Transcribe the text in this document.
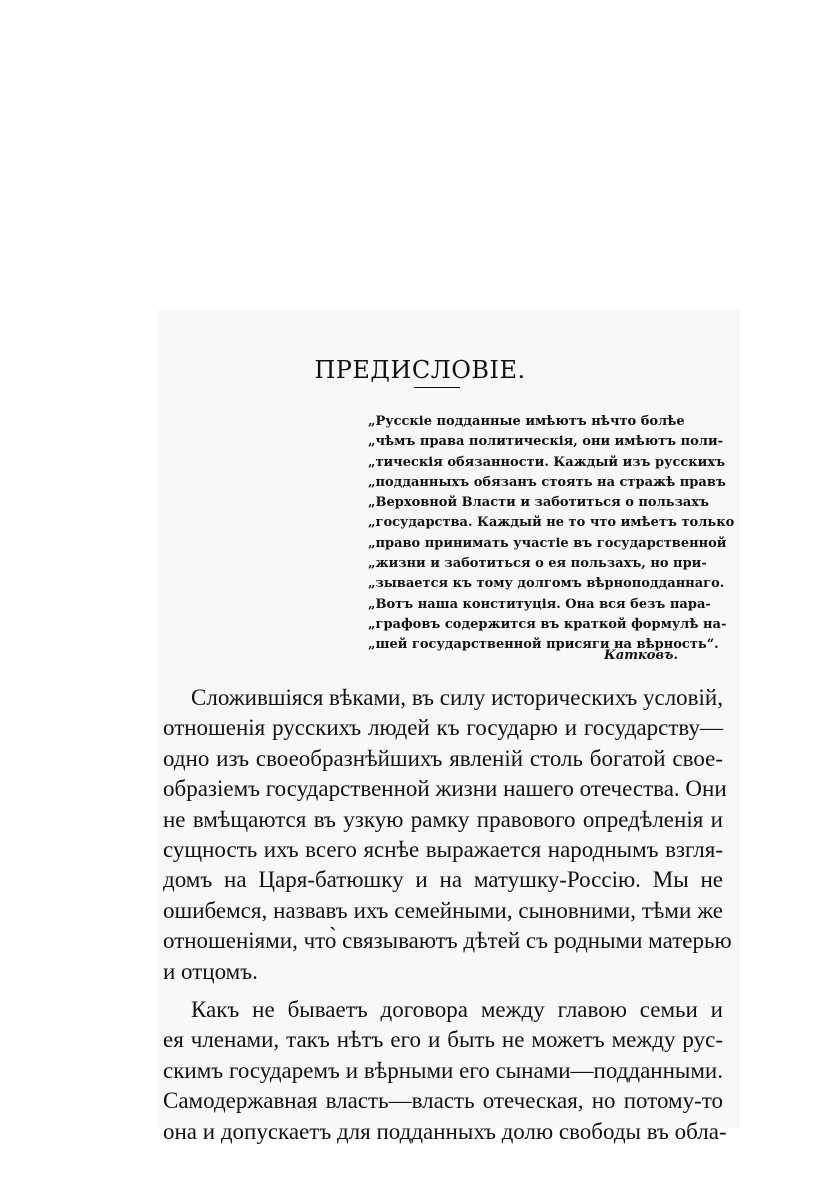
ПРЕДИСЛОВІЕ.
„Русскіе подданные имѣютъ нѣчто болѣе
„чѣмъ права политическія, они имѣютъ поли-
„тическія обязанности. Каждый изъ русскихъ
„подданныхъ обязанъ стоять на стражѣ правъ
„Верховной Власти и заботиться о пользахъ
„государства. Каждый не то что имѣетъ только
„право принимать участіе въ государственной
„жизни и заботиться о ея пользахъ, но при-
„зывается къ тому долгомъ вѣрноподданнаго.
„Вотъ наша конституція. Она вся безъ пара-
„графовъ содержится въ краткой формулѣ на-
„шей государственной присяги на вѣрность“.
Катковъ.
Сложившіяся вѣками, въ силу историческихъ условій,
отношенія русскихъ людей къ государю и государству—
одно изъ своеобразнѣйшихъ явленій столь богатой свое-
образіемъ государственной жизни нашего отечества. Они
не вмѣщаются въ узкую рамку правового опредѣленія и
сущность ихъ всего яснѣе выражается народнымъ взгля-
домъ на Царя-батюшку и на матушку-Россію. Мы не
ошибемся, назвавъ ихъ семейными, сыновними, тѣми же
отношеніями, что̀ связываютъ дѣтей съ родными матерью
и отцомъ.
Какъ не бываетъ договора между главою семьи и
ея членами, такъ нѣтъ его и быть не можетъ между рус-
скимъ государемъ и вѣрными его сынами—подданными.
Самодержавная власть—власть отеческая, но потому-то
она и допускаетъ для подданныхъ долю свободы въ обла-
